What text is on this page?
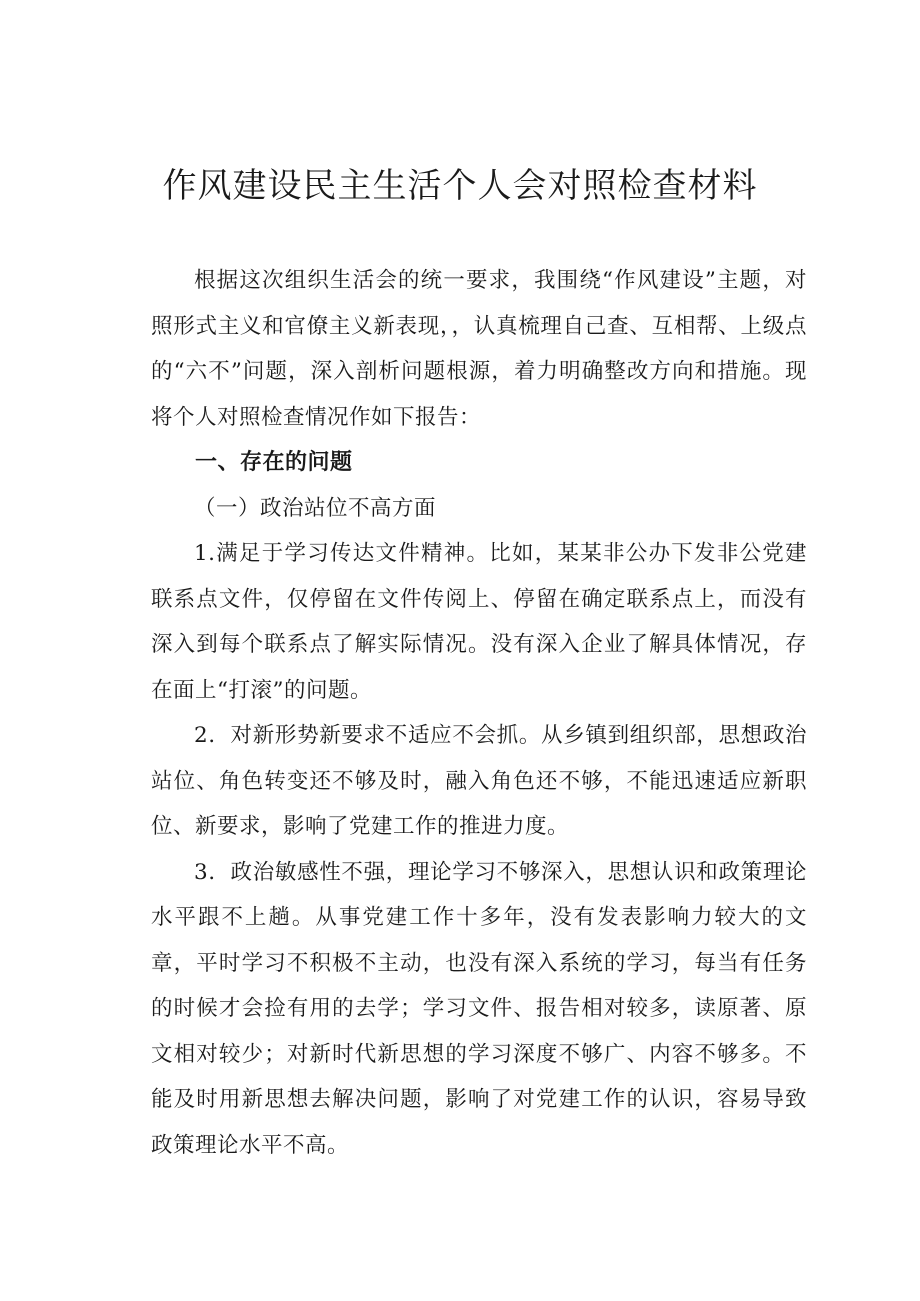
作风建设民主生活个人会对照检查材料

根据这次组织生活会的统一要求，我围绕“作风建设”主题，对照形式主义和官僚主义新表现，，认真梳理自己查、互相帮、上级点的“六不”问题，深入剖析问题根源，着力明确整改方向和措施。现将个人对照检查情况作如下报告：

一、存在的问题

（一）政治站位不高方面

1.满足于学习传达文件精神。比如，某某非公办下发非公党建联系点文件，仅停留在文件传阅上、停留在确定联系点上，而没有深入到每个联系点了解实际情况。没有深入企业了解具体情况，存在面上“打滚”的问题。

2．对新形势新要求不适应不会抓。从乡镇到组织部，思想政治站位、角色转变还不够及时，融入角色还不够，不能迅速适应新职位、新要求，影响了党建工作的推进力度。

3．政治敏感性不强，理论学习不够深入，思想认识和政策理论水平跟不上趟。从事党建工作十多年，没有发表影响力较大的文章，平时学习不积极不主动，也没有深入系统的学习，每当有任务的时候才会捡有用的去学；学习文件、报告相对较多，读原著、原文相对较少；对新时代新思想的学习深度不够广、内容不够多。不能及时用新思想去解决问题，影响了对党建工作的认识，容易导致政策理论水平不高。
